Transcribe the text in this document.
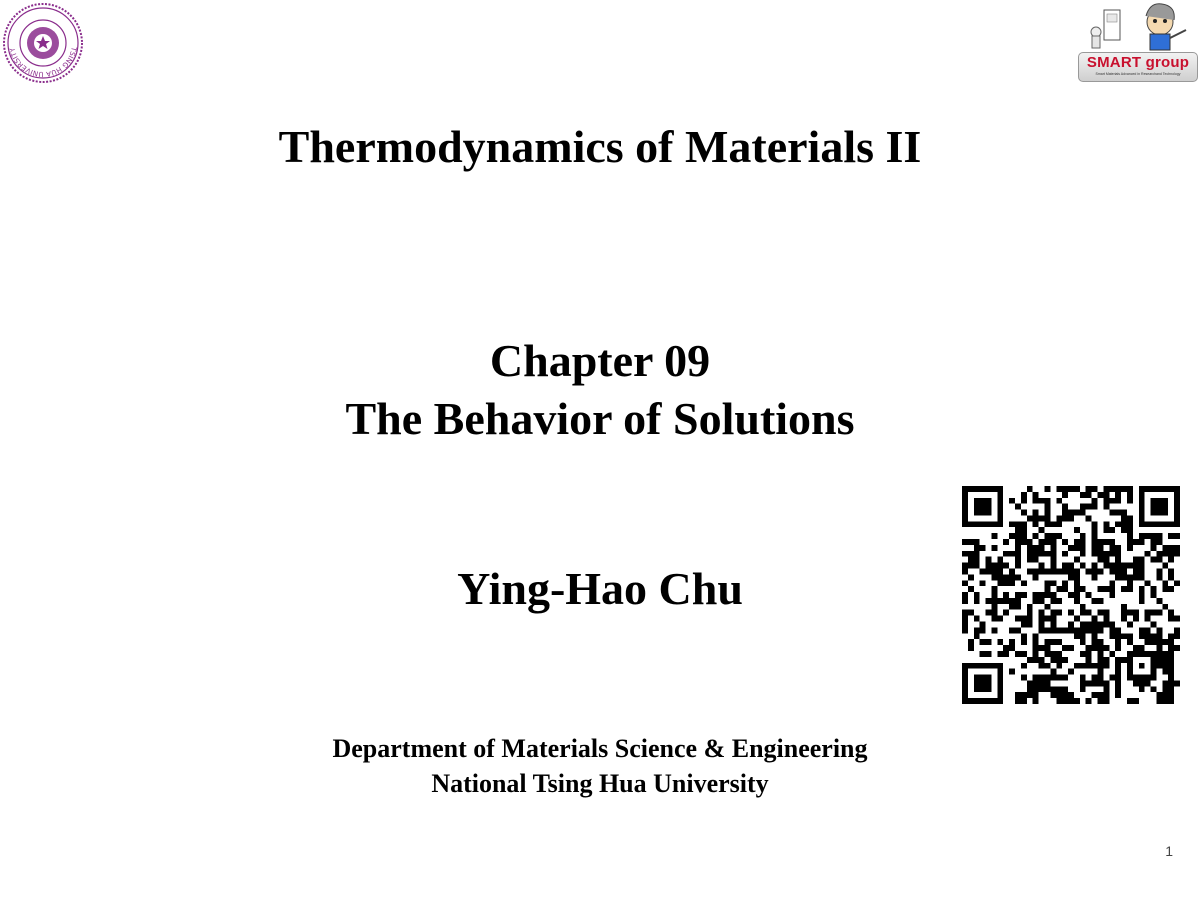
TSING HUA UNIVERSITY
SMART group
Smart Materials Advanced in Researchand Technology
Thermodynamics of Materials II
Chapter 09
The Behavior of Solutions
Ying-Hao Chu
Department of Materials Science & Engineering
National Tsing Hua University
1
